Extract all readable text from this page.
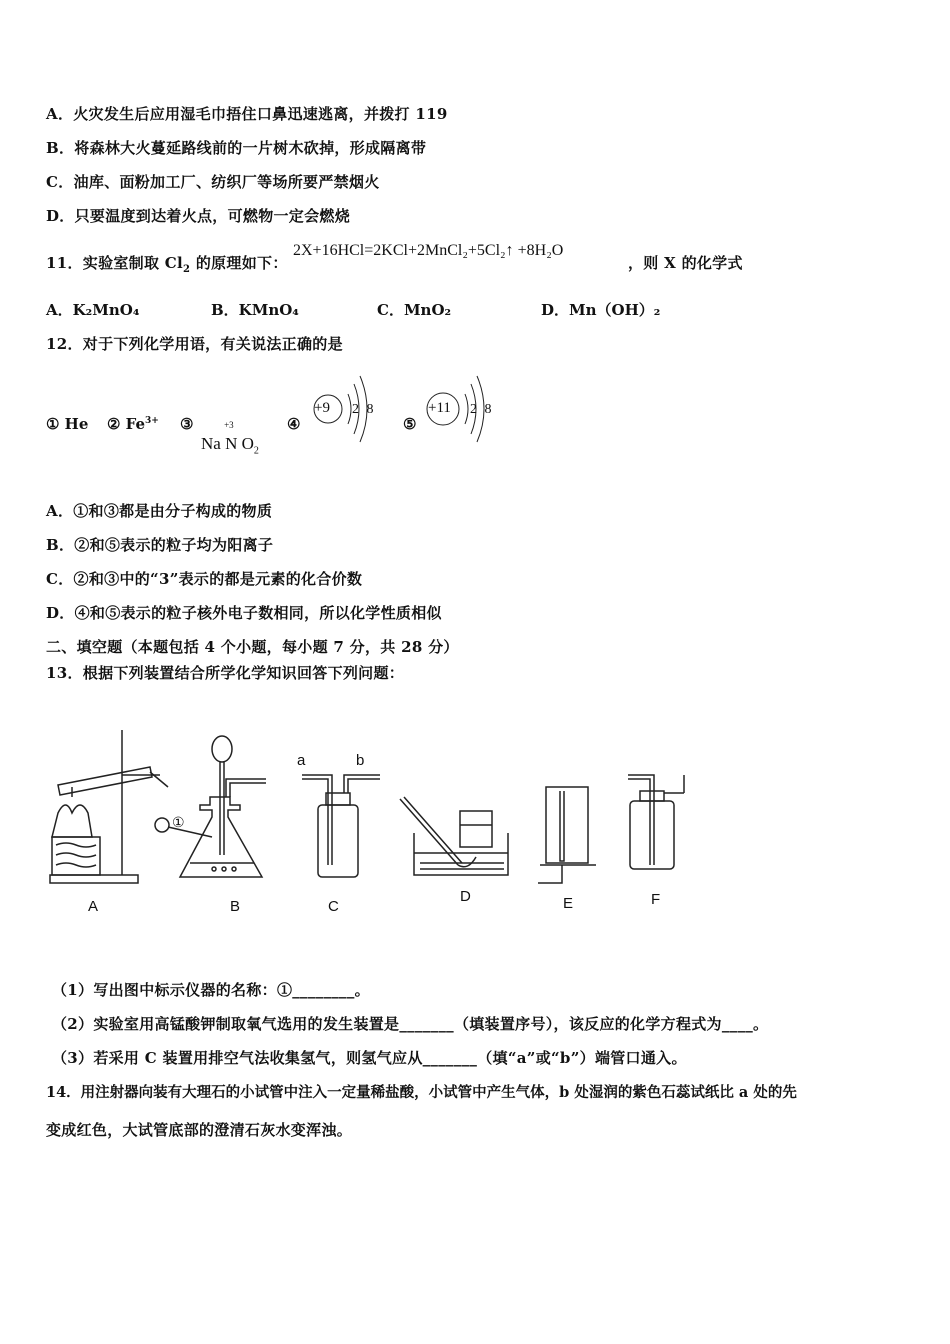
A．火灾发生后应用湿毛巾捂住口鼻迅速逃离，并拨打 119
B．将森林大火蔓延路线前的一片树木砍掉，形成隔离带
C．油库、面粉加工厂、纺织厂等场所要严禁烟火
D．只要温度到达着火点，可燃物一定会燃烧
11．实验室制取 $Cl_2$ 的原理如下：
2X+16HCl=2KCl+2MnCl₂+5Cl₂↑ +8H₂O
，则 X 的化学式
A．K₂MnO₄	B．KMnO₄	C．MnO₂	D．Mn（OH）₂
12．对于下列化学用语，有关说法正确的是
① He ② $Fe^{3+}$ ③
Na
+3
N $O_2$
④	⑤
+9 2 8	+11 2 8
A．①和③都是由分子构成的物质
B．②和⑤表示的粒子均为阳离子
C．②和③中的“3”表示的都是元素的化合价数
D．④和⑤表示的粒子核外电子数相同，所以化学性质相似
二、填空题（本题包括 4 个小题，每小题 7 分，共 28 分）
13．根据下列装置结合所学化学知识回答下列问题：
①
a	b
A	B	C
D	E	F
（1）写出图中标示仪器的名称：①________。
（2）实验室用高锰酸钾制取氧气选用的发生装置是_______（填装置序号），该反应的化学方程式为____。
（3）若采用 C 装置用排空气法收集氢气，则氢气应从_______（填“a”或“b”）端管口通入。
14．用注射器向装有大理石的小试管中注入一定量稀盐酸，小试管中产生气体，b 处湿润的紫色石蕊试纸比 a 处的先
变成红色，大试管底部的澄清石灰水变浑浊。
